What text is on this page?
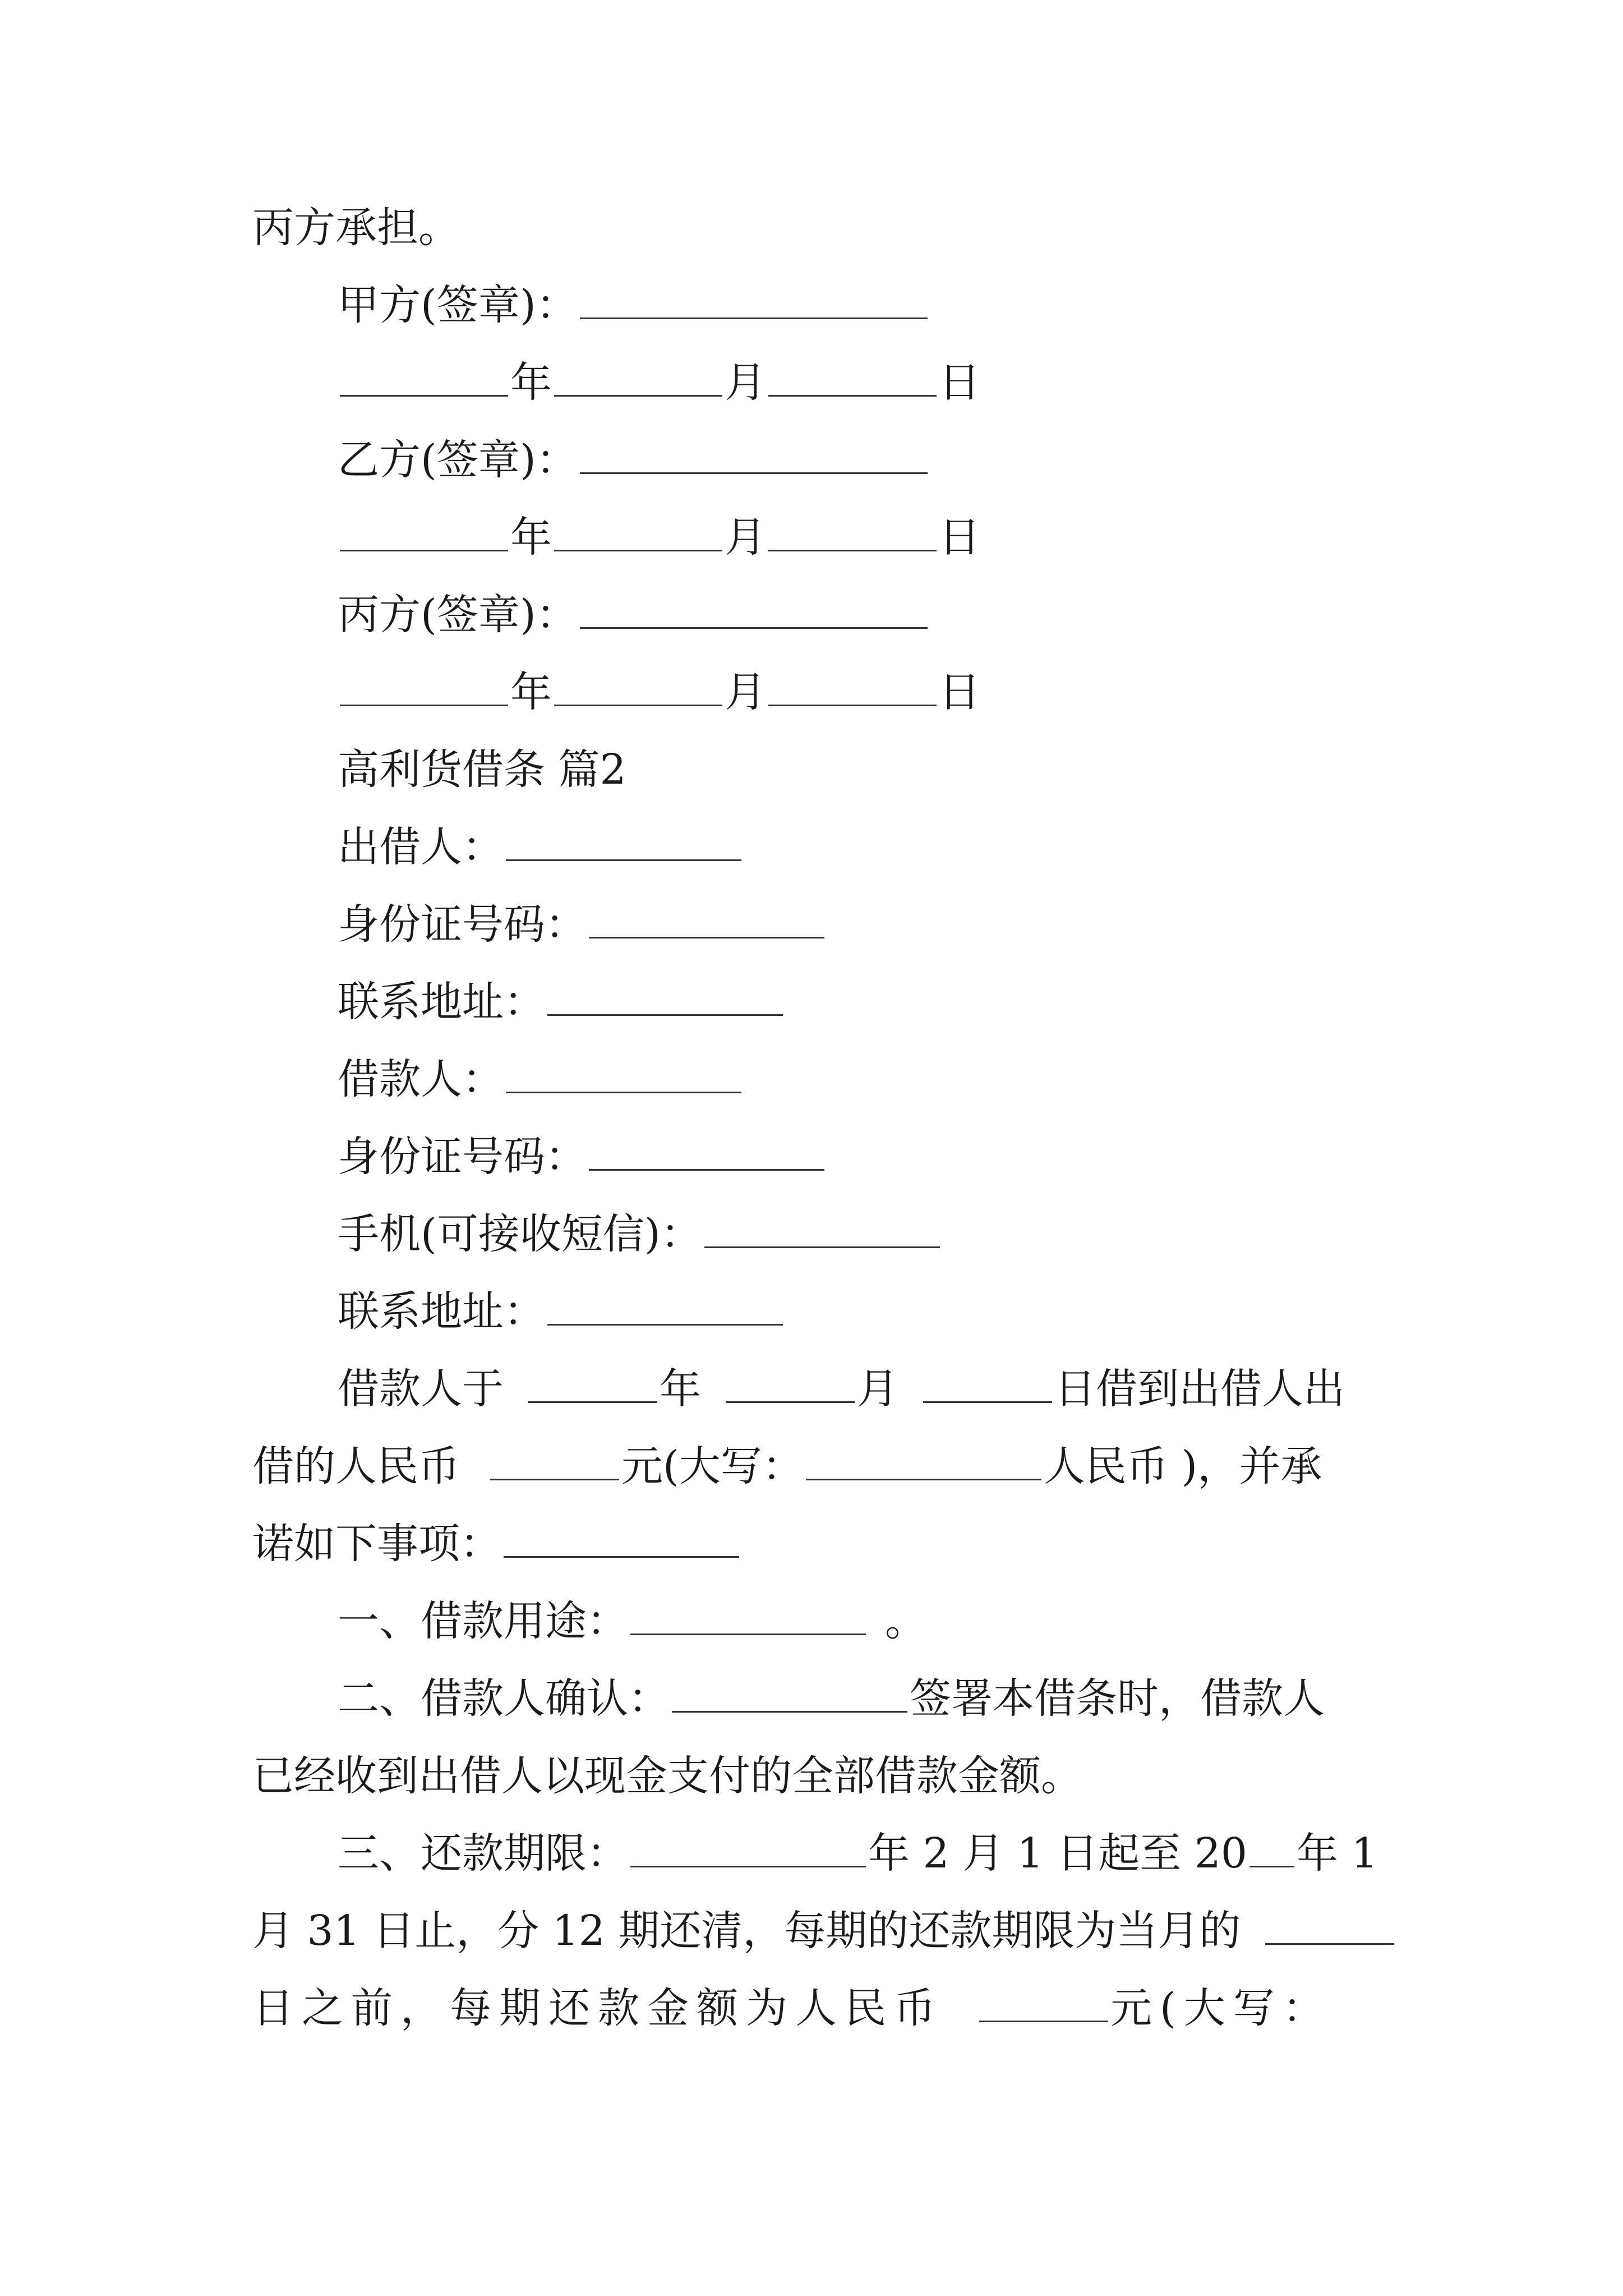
丙方承担。
甲方(签章)：
年	月	日
乙方(签章)：
年	月	日
丙方(签章)：
年	月	日
高利货借条 篇2
出借人：
身份证号码：
联系地址：
借款人：
身份证号码：
手机(可接收短信)：
联系地址：
借款人于	年	月	日借到出借人出
借的人民币	元(大写：	人民币 )，并承
诺如下事项：
一、借款用途：	。
二、借款人确认：	签署本借条时，借款人
已经收到出借人以现金支付的全部借款金额。
三、还款期限：	年 2 月 1 日起至 20 年 1
月 31 日止，分 12 期还清，每期的还款期限为当月的
日之前，每期还款金额为人民币	元(大写：
